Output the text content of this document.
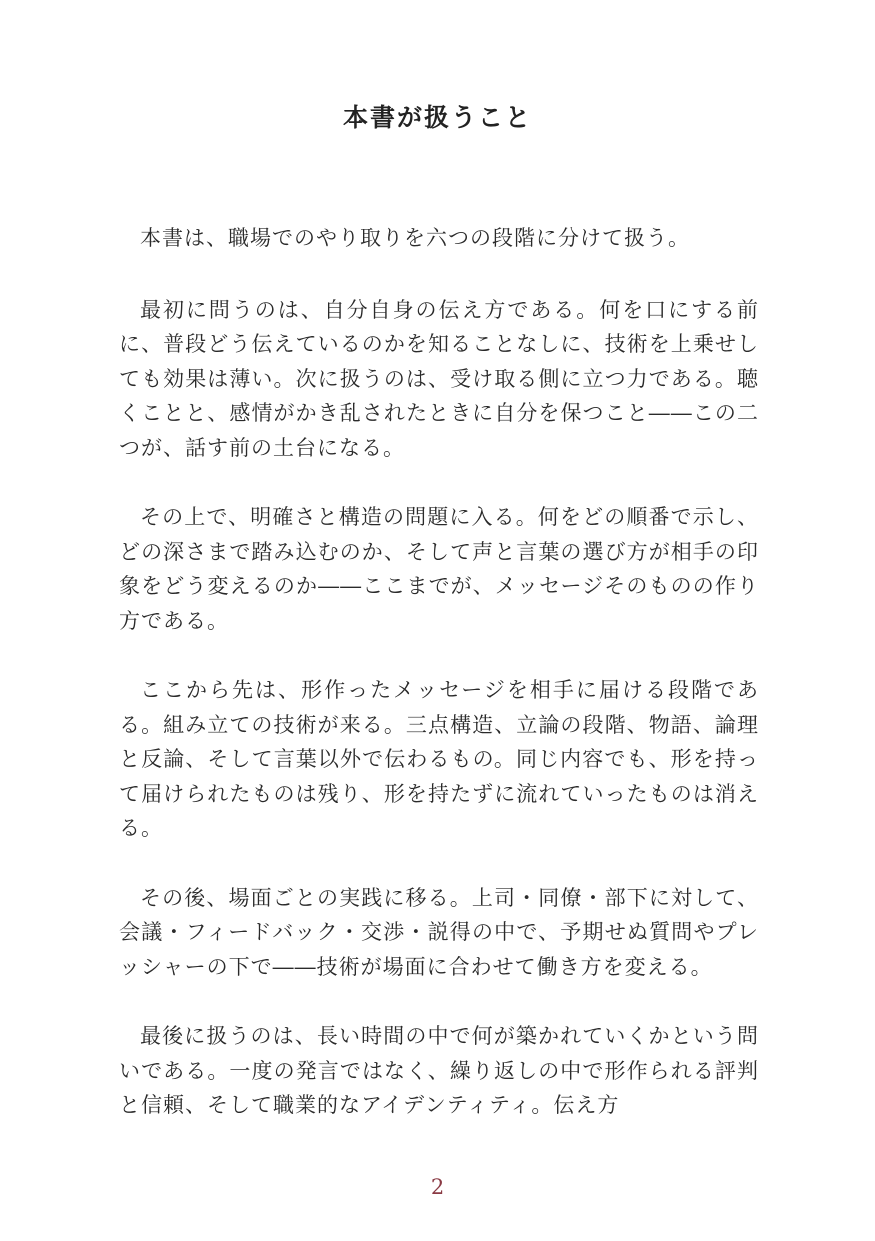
本書が扱うこと

本書は、職場でのやり取りを六つの段階に分けて扱う。

最初に問うのは、自分自身の伝え方である。何を口にする前に、普段どう伝えているのかを知ることなしに、技術を上乗せしても効果は薄い。次に扱うのは、受け取る側に立つ力である。聴くことと、感情がかき乱されたときに自分を保つこと――この二つが、話す前の土台になる。

その上で、明確さと構造の問題に入る。何をどの順番で示し、どの深さまで踏み込むのか、そして声と言葉の選び方が相手の印象をどう変えるのか――ここまでが、メッセージそのものの作り方である。

ここから先は、形作ったメッセージを相手に届ける段階である。組み立ての技術が来る。三点構造、立論の段階、物語、論理と反論、そして言葉以外で伝わるもの。同じ内容でも、形を持って届けられたものは残り、形を持たずに流れていったものは消える。

その後、場面ごとの実践に移る。上司・同僚・部下に対して、会議・フィードバック・交渉・説得の中で、予期せぬ質問やプレッシャーの下で――技術が場面に合わせて働き方を変える。

最後に扱うのは、長い時間の中で何が築かれていくかという問いである。一度の発言ではなく、繰り返しの中で形作られる評判と信頼、そして職業的なアイデンティティ。伝え方

2
